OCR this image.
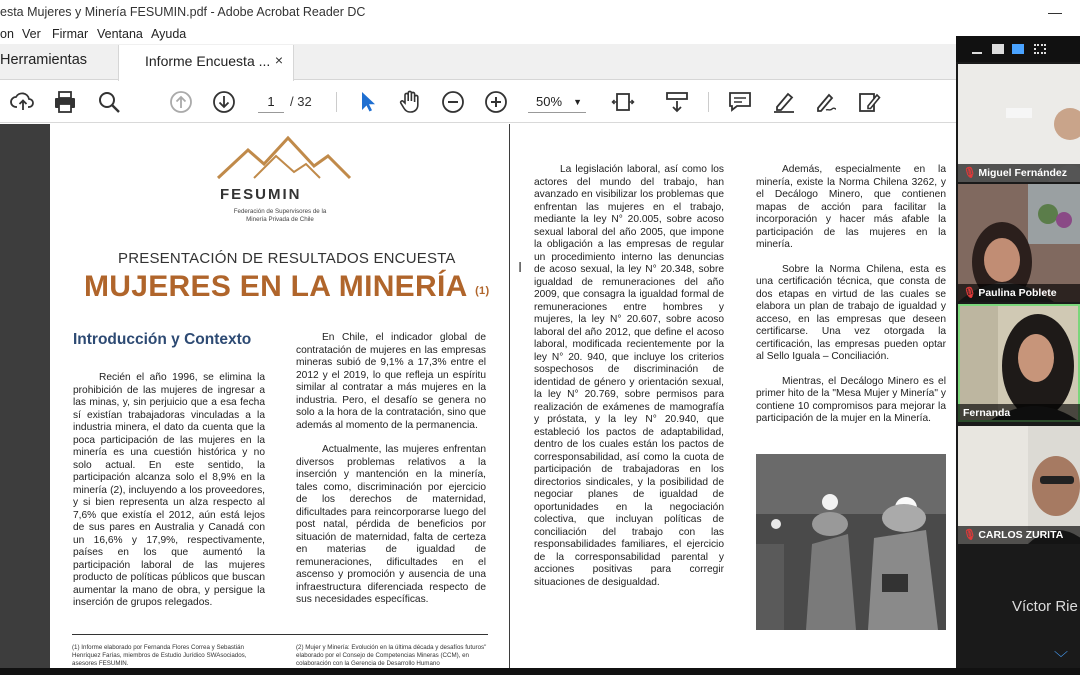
esta Mujeres y Minería FESUMIN.pdf - Adobe Acrobat Reader DC
on Ver Firmar Ventana Ayuda
Herramientas	Informe Encuesta ... ×
1	/ 32	50% ▼
FESUMIN
Federación de Supervisores de la Minería Privada de Chile
PRESENTACIÓN DE RESULTADOS ENCUESTA
MUJERES EN LA MINERÍA $^{(1)}$
Introducción y Contexto

Recién el año 1996, se elimina la prohibición de las mujeres de ingresar a las minas, y, sin perjuicio que a esa fecha sí existían trabajadoras vinculadas a la industria minera, el dato da cuenta que la poca participación de las mujeres en la minería es una cuestión histórica y no solo actual. En este sentido, la participación alcanza solo el 8,9% en la minería (2), incluyendo a los proveedores, y si bien representa un alza respecto al 7,6% que existía el 2012, aún está lejos de sus pares en Australia y Canadá con un 16,6% y 17,9%, respectivamente, países en los que aumentó la participación laboral de las mujeres producto de políticas públicos que buscan aumentar la mano de obra, y persigue la inserción de grupos relegados.

En Chile, el indicador global de contratación de mujeres en las empresas mineras subió de 9,1% a 17,3% entre el 2012 y el 2019, lo que refleja un espíritu similar al contratar a más mujeres en la industria. Pero, el desafío se genera no solo a la hora de la contratación, sino que además al momento de la permanencia.

Actualmente, las mujeres enfrentan diversos problemas relativos a la inserción y mantención en la minería, tales como, discriminación por ejercicio de los derechos de maternidad, dificultades para reincorporarse luego del post natal, pérdida de beneficios por situación de maternidad, falta de certeza en materias de igualdad de remuneraciones, dificultades en el ascenso y promoción y ausencia de una infraestructura diferenciada respecto de sus necesidades específicas.

(1) Informe elaborado por Fernanda Flores Correa y Sebastián Henríquez Farías, miembros de Estudio Jurídico SWAsociados, asesores FESUMIN.
(2) Mujer y Minería: Evolución en la última década y desafíos futuros" elaborado por el Consejo de Competencias Mineras (CCM), en colaboración con la Gerencia de Desarrollo Humano

La legislación laboral, así como los actores del mundo del trabajo, han avanzado en visibilizar los problemas que enfrentan las mujeres en el trabajo, mediante la ley N° 20.005, sobre acoso sexual laboral del año 2005, que impone la obligación a las empresas de regular un procedimiento interno las denuncias de acoso sexual, la ley N° 20.348, sobre igualdad de remuneraciones del año 2009, que consagra la igualdad formal de remuneraciones entre hombres y mujeres, la ley N° 20.607, sobre acoso laboral del año 2012, que define el acoso laboral, modificada recientemente por la ley N° 20. 940, que incluye los criterios sospechosos de discriminación de identidad de género y orientación sexual, la ley N° 20.769, sobre permisos para realización de exámenes de mamografía y próstata, y la ley N° 20.940, que estableció los pactos de adaptabilidad, dentro de los cuales están los pactos de corresponsabilidad, así como la cuota de participación de trabajadoras en los directorios sindicales, y la posibilidad de negociar planes de igualdad de oportunidades en la negociación colectiva, que incluyan políticas de conciliación del trabajo con las responsabilidades familiares, el ejercicio de la corresponsabilidad parental y acciones positivas para corregir situaciones de desigualdad.

Además, especialmente en la minería, existe la Norma Chilena 3262, y el Decálogo Minero, que contienen mapas de acción para facilitar la incorporación y hacer más afable la participación de las mujeres en la minería.

Sobre la Norma Chilena, esta es una certificación técnica, que consta de dos etapas en virtud de las cuales se elabora un plan de trabajo de igualdad y acceso, en las empresas que deseen certificarse. Una vez otorgada la certificación, las empresas pueden optar al Sello Iguala – Conciliación.

Mientras, el Decálogo Minero es el primer hito de la "Mesa Mujer y Minería" y contiene 10 compromisos para mejorar la participación de la mujer en la Minería.

I
🎙 Miguel Fernández
🎙 Paulina Poblete
Fernanda
🎙 CARLOS ZURITA
Víctor Rie
﹀
